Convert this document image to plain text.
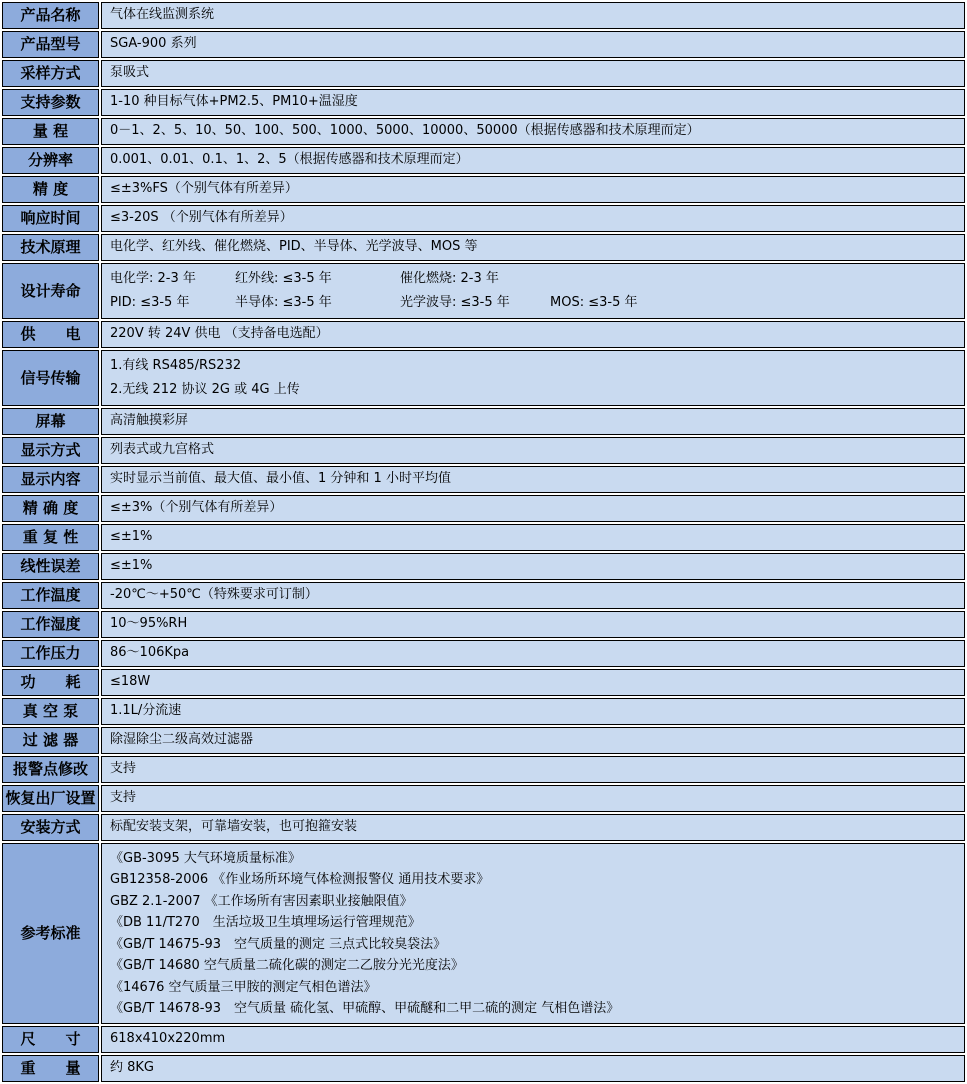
产品名称	气体在线监测系统
产品型号	SGA-900 系列
采样方式	泵吸式
支持参数	1-10 种目标气体+PM2.5、PM10+温湿度
量 程	0－1、2、5、10、50、100、500、1000、5000、10000、50000（根据传感器和技术原理而定）
分辨率	0.001、0.01、0.1、1、2、5（根据传感器和技术原理而定）
精 度	≤±3%FS（个别气体有所差异）
响应时间	≤3-20S （个别气体有所差异）
技术原理	电化学、红外线、催化燃烧、PID、半导体、光学波导、MOS 等
设计寿命	
电化学: 2-3 年	红外线: ≤3-5 年	催化燃烧: 2-3 年
PID: ≤3-5 年	半导体: ≤3-5 年	光学波导: ≤3-5 年	MOS: ≤3-5 年

供　　电	220V 转 24V 供电 （支持备电选配）
信号传输	1.有线 RS485/RS232
2.无线 212 协议 2G 或 4G 上传

屏幕	高清触摸彩屏
显示方式	列表式或九宫格式
显示内容	实时显示当前值、最大值、最小值、1 分钟和 1 小时平均值
精 确 度	≤±3%（个别气体有所差异）
重 复 性	≤±1%
线性误差	≤±1%
工作温度	-20℃～+50℃（特殊要求可订制）
工作湿度	10～95%RH
工作压力	86～106Kpa
功　　耗	≤18W
真 空 泵	1.1L/分流速
过 滤 器	除湿除尘二级高效过滤器
报警点修改	支持
恢复出厂设置	支持
安装方式	标配安装支架，可靠墙安装，也可抱箍安装
参考标准	
《GB-3095 大气环境质量标准》
GB12358-2006 《作业场所环境气体检测报警仪 通用技术要求》
GBZ 2.1-2007 《工作场所有害因素职业接触限值》
《DB 11/T270　生活垃圾卫生填埋场运行管理规范》
《GB/T 14675-93　空气质量的测定 三点式比较臭袋法》
《GB/T 14680 空气质量二硫化碳的测定二乙胺分光光度法》
《14676 空气质量三甲胺的测定气相色谱法》
《GB/T 14678-93　空气质量 硫化氢、甲硫醇、甲硫醚和二甲二硫的测定 气相色谱法》

尺　　寸	618x410x220mm
重　　量	约 8KG
